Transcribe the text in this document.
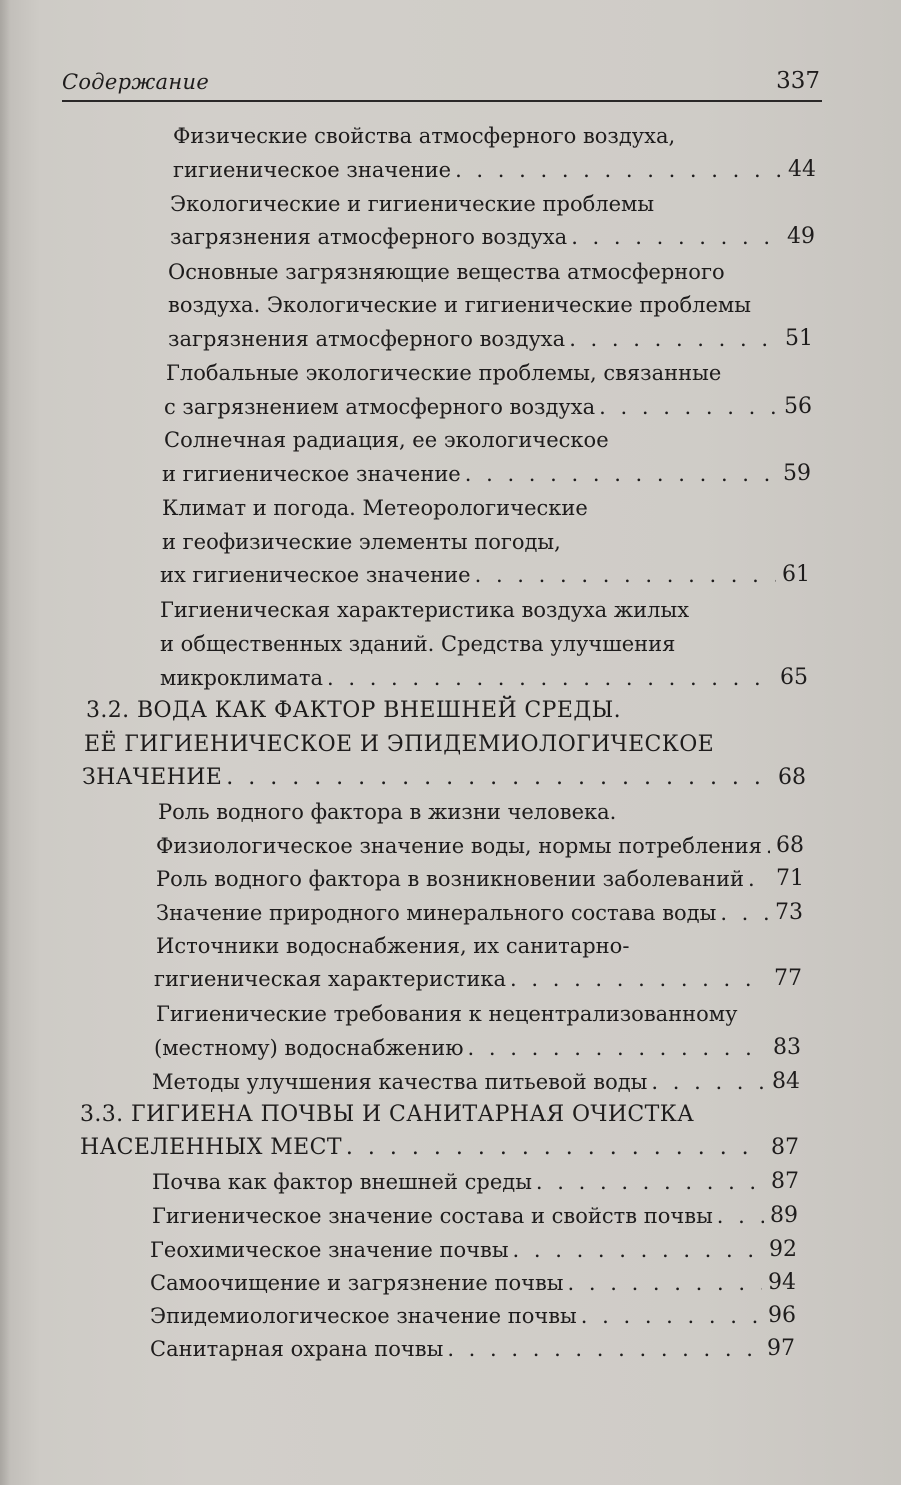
Содержание	337
Физические свойства атмосферного воздуха,
гигиеническое значение . . .	44
Экологические и гигиенические проблемы
загрязнения атмосферного воздуха . . .	49
Основные загрязняющие вещества атмосферного
воздуха. Экологические и гигиенические проблемы
загрязнения атмосферного воздуха . . .	51
Глобальные экологические проблемы, связанные
с загрязнением атмосферного воздуха . . .	56
Солнечная радиация, ее экологическое
и гигиеническое значение . . .	59
Климат и погода. Метеорологические
и геофизические элементы погоды,
их гигиеническое значение . . .	61
Гигиеническая характеристика воздуха жилых
и общественных зданий. Средства улучшения
микроклимата . . .	65
3.2. ВОДА КАК ФАКТОР ВНЕШНЕЙ СРЕДЫ.
ЕЁ ГИГИЕНИЧЕСКОЕ И ЭПИДЕМИОЛОГИЧЕСКОЕ
ЗНАЧЕНИЕ . . .	68
Роль водного фактора в жизни человека.
Физиологическое значение воды, нормы потребления . . . 68
Роль водного фактора в возникновении заболеваний . . . 71
Значение природного минерального состава воды . . .	73
Источники водоснабжения, их санитарно-
гигиеническая характеристика . . .	77
Гигиенические требования к нецентрализованному
(местному) водоснабжению . . .	83
Методы улучшения качества питьевой воды . . .	84
3.3. ГИГИЕНА ПОЧВЫ И САНИТАРНАЯ ОЧИСТКА
НАСЕЛЕННЫХ МЕСТ . . .	87
Почва как фактор внешней среды . . .	87
Гигиеническое значение состава и свойств почвы . . .	89
Геохимическое значение почвы . . .	92
Самоочищение и загрязнение почвы . . .	94
Эпидемиологическое значение почвы . . .	96
Санитарная охрана почвы . . .	97
